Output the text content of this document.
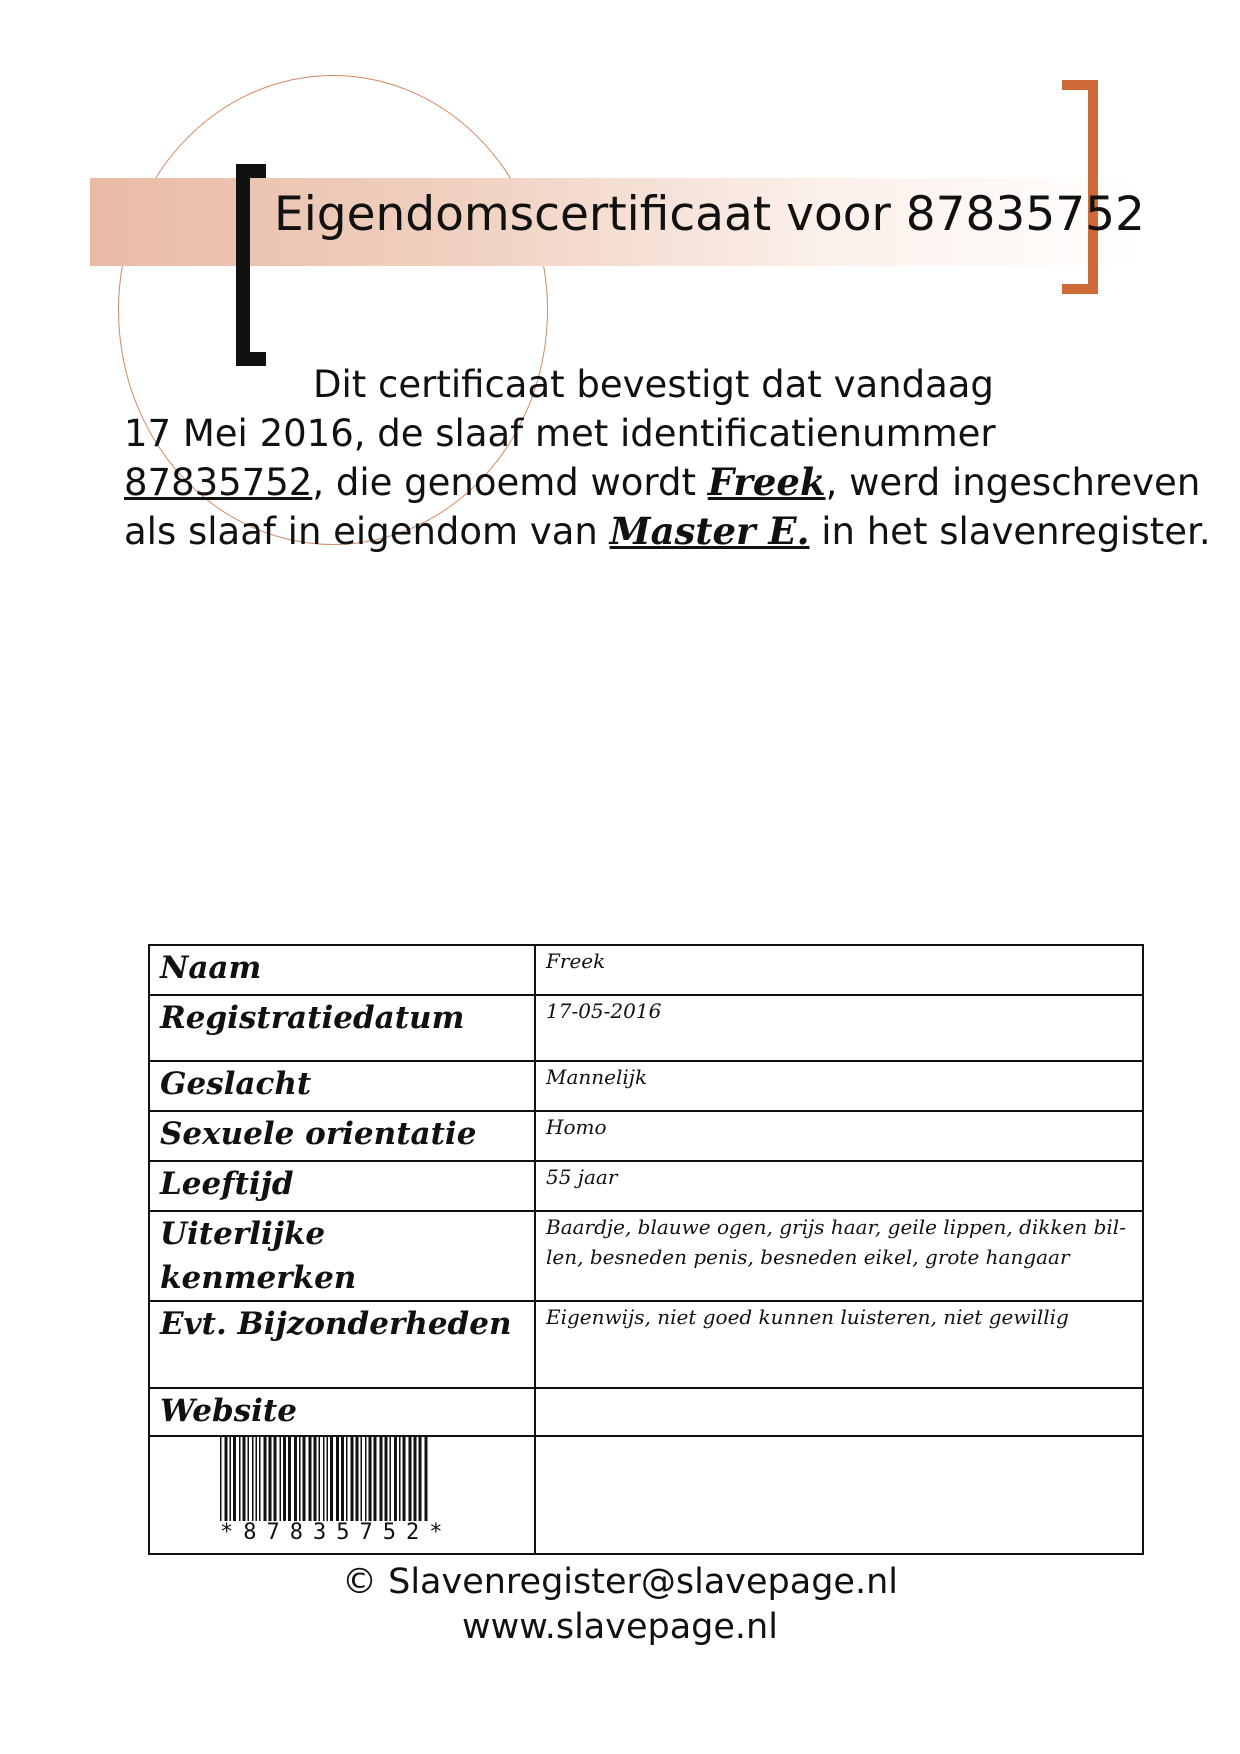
Eigendomscertificaat voor 87835752
Dit certificaat bevestigt dat vandaag
17 Mei 2016, de slaaf met identificatienummer
87835752, die genoemd wordt Freek, werd ingeschreven
als slaaf in eigendom van Master E. in het slavenregister.
Naam	Freek
Registratiedatum	17-05-2016
Geslacht	Mannelijk
Sexuele orientatie	Homo
Leeftijd	55 jaar
Uiterlijke kenmerken	Baardje, blauwe ogen, grijs haar, geile lippen, dikken bil- len, besneden penis, besneden eikel, grote hangaar
Evt. Bijzonderheden	Eigenwijs, niet goed kunnen luisteren, niet gewillig
Website	

*87835752*	

© Slavenregister@slavepage.nl
www.slavepage.nl
